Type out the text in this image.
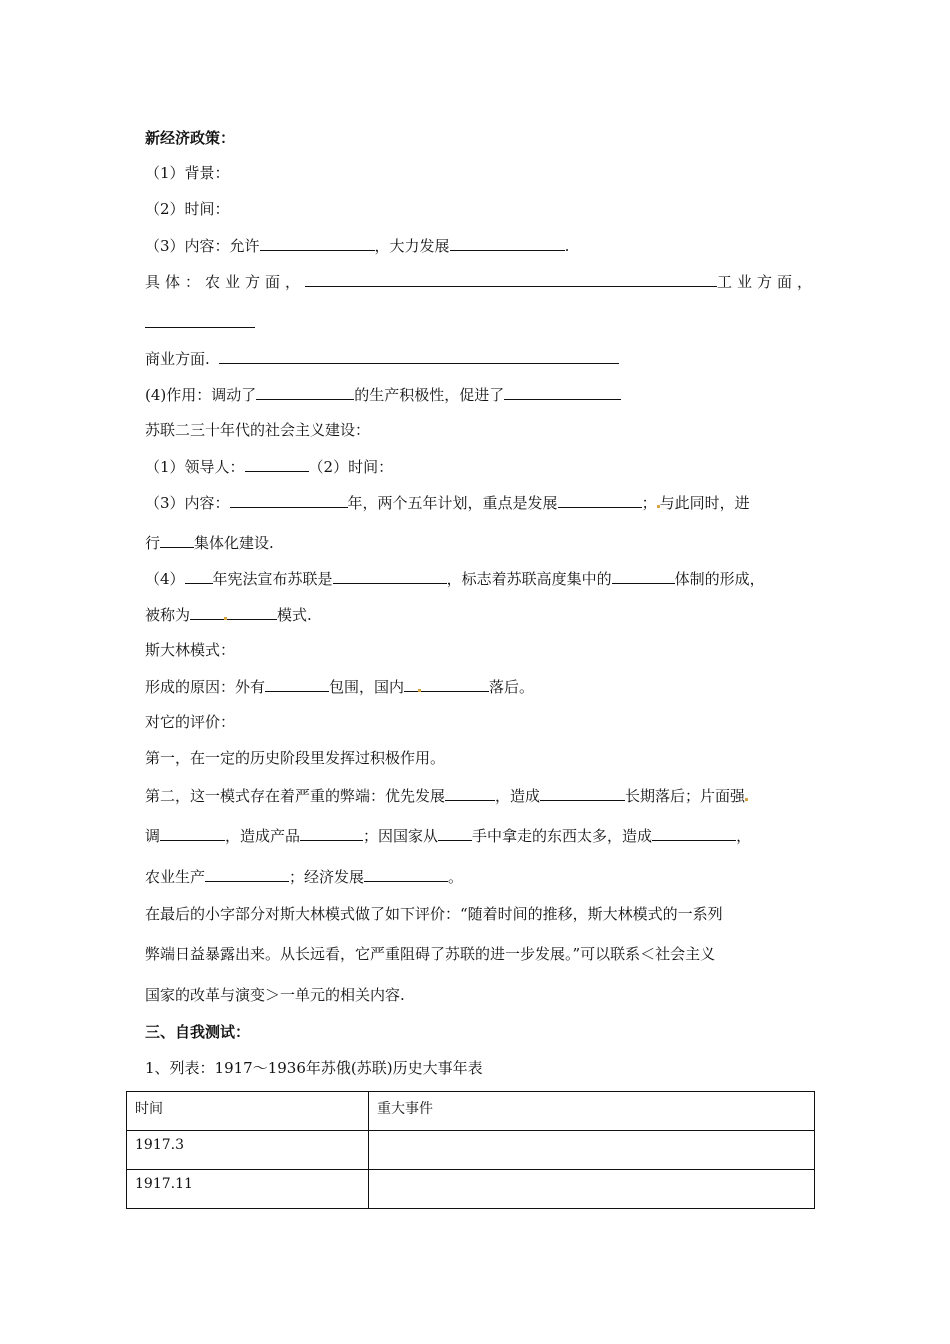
新经济政策：
（1）背景：
（2）时间：
（3）内容：允许	，大力发展	.
具体：农业方面，	工业方面，
商业方面.
(4)作用：调动了	的生产积极性，促进了
苏联二三十年代的社会主义建设：
（1）领导人：	（2）时间：
（3）内容：	年，两个五年计划，重点是发展	； 与此同时，进
行 集体化建设.
（4） 年宪法宣布苏联是	，标志着苏联高度集中的	体制的形成，
被称为	模式.
斯大林模式：
形成的原因：外有	包围，国内	落后。
对它的评价：
第一，在一定的历史阶段里发挥过积极作用。
第二，这一模式存在着严重的弊端：优先发展	，造成	长期落后；片面强
调	，造成产品	；因国家从 手中拿走的东西太多，造成	，
农业生产	；经济发展	。
在最后的小字部分对斯大林模式做了如下评价：“随着时间的推移，斯大林模式的一系列
弊端日益暴露出来。从长远看，它严重阻碍了苏联的进一步发展。”可以联系＜社会主义
国家的改革与演变＞一单元的相关内容.
三、自我测试：
1、列表：1917～1936年苏俄(苏联)历史大事年表
时间	重大事件
1917.3	
1917.11	
